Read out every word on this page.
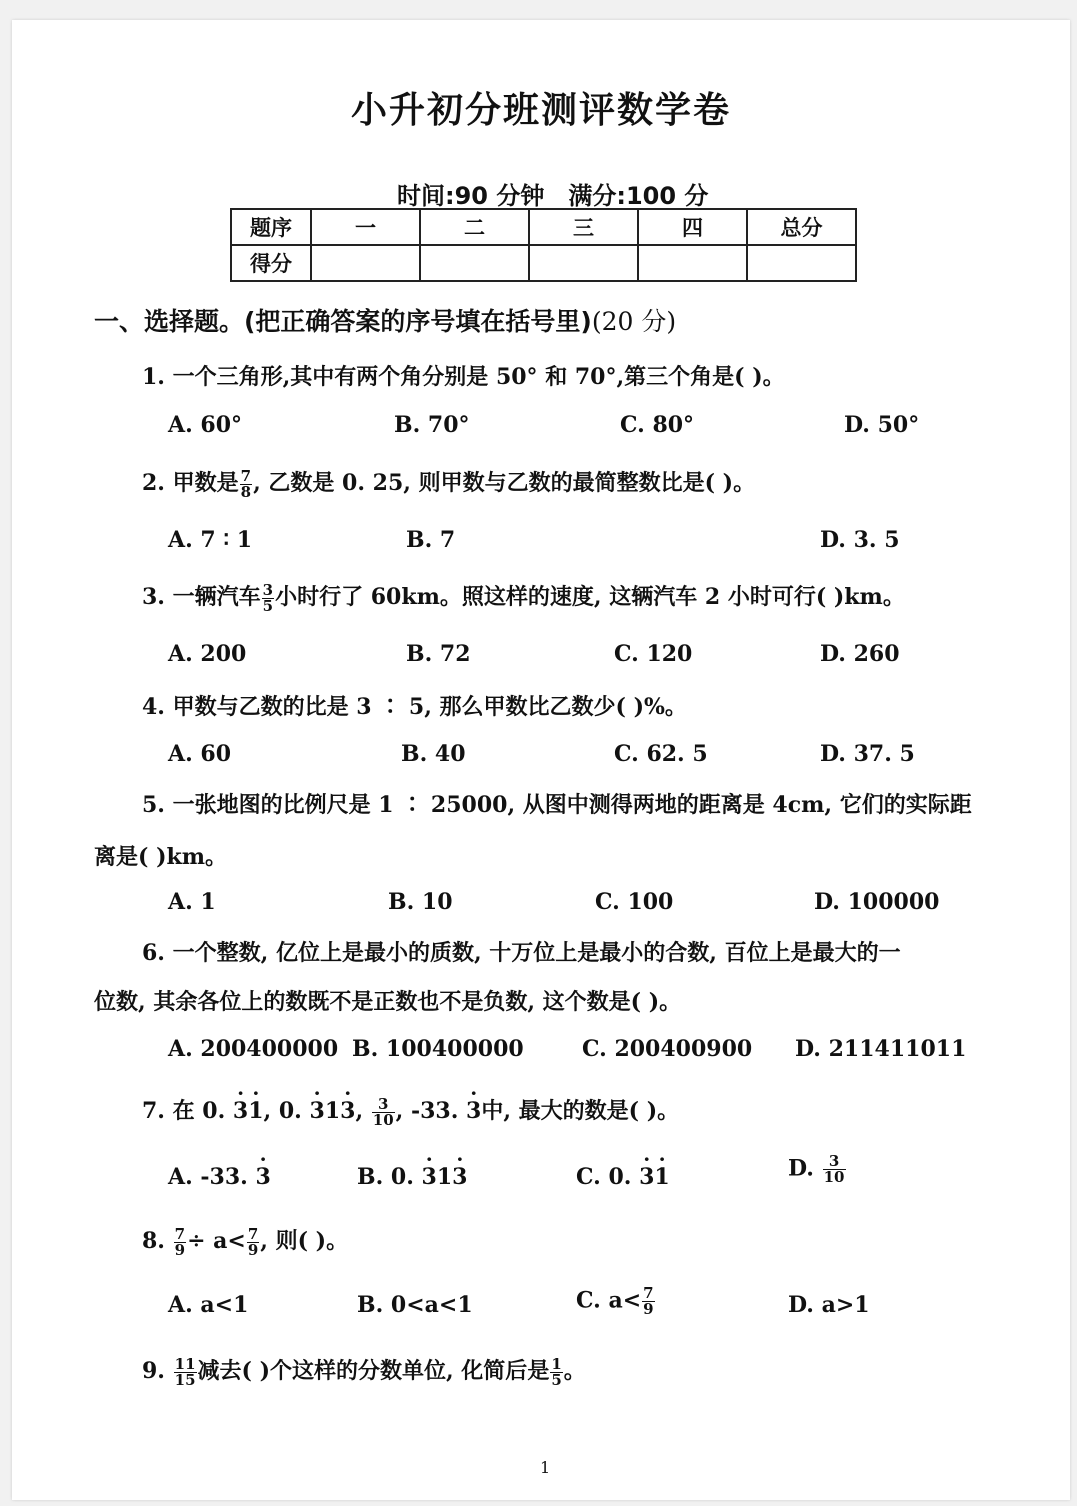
小升初分班测评数学卷
时间:90 分钟 满分:100 分
题序	一	二	三	四	总分
得分					
一、选择题。(把正确答案的序号填在括号里)(20 分)
1. 一个三角形,其中有两个角分别是 50° 和 70°,第三个角是( )。
A. 60°	B. 70°	C. 80°	D. 50°
2. 甲数是 $\frac{7}{8}$ , 乙数是 0. 25, 则甲数与乙数的最简整数比是( )。
A. 7 ∶ 1	B. 7	D. 3. 5
3. 一辆汽车 $\frac{3}{5}$ 小时行了 60km。照这样的速度, 这辆汽车 2 小时可行( )km。
A. 200	B. 72	C. 120	D. 260
4. 甲数与乙数的比是 3 ∶ 5, 那么甲数比乙数少( )%。
A. 60	B. 40	C. 62. 5	D. 37. 5
5. 一张地图的比例尺是 1 ∶ 25000, 从图中测得两地的距离是 4cm, 它们的实际距
离是( )km。
A. 1	B. 10	C. 100	D. 100000
6. 一个整数, 亿位上是最小的质数, 十万位上是最小的合数, 百位上是最大的一
位数, 其余各位上的数既不是正数也不是负数, 这个数是( )。
A. 200400000 B. 100400000	C. 200400900 D. 211411011
7. 在 0. · 3· 1, 0. · 31· 3, $\frac{3}{10}$ , -33. · 3中, 最大的数是( )。
A. -33. · 3	B. 0. · 31· 3	C. 0. · 3· 1	D. $\frac{3}{10}$
8. $\frac{7}{9} \div a< \frac{7}{9}$ , 则( )。
A. a<1	B. 0<a<1	C. $a< \frac{7}{9}$	D. a>1
9. $\frac{11}{15}$ 减去( )个这样的分数单位, 化简后是 $\frac{1}{5}$ 。
1
